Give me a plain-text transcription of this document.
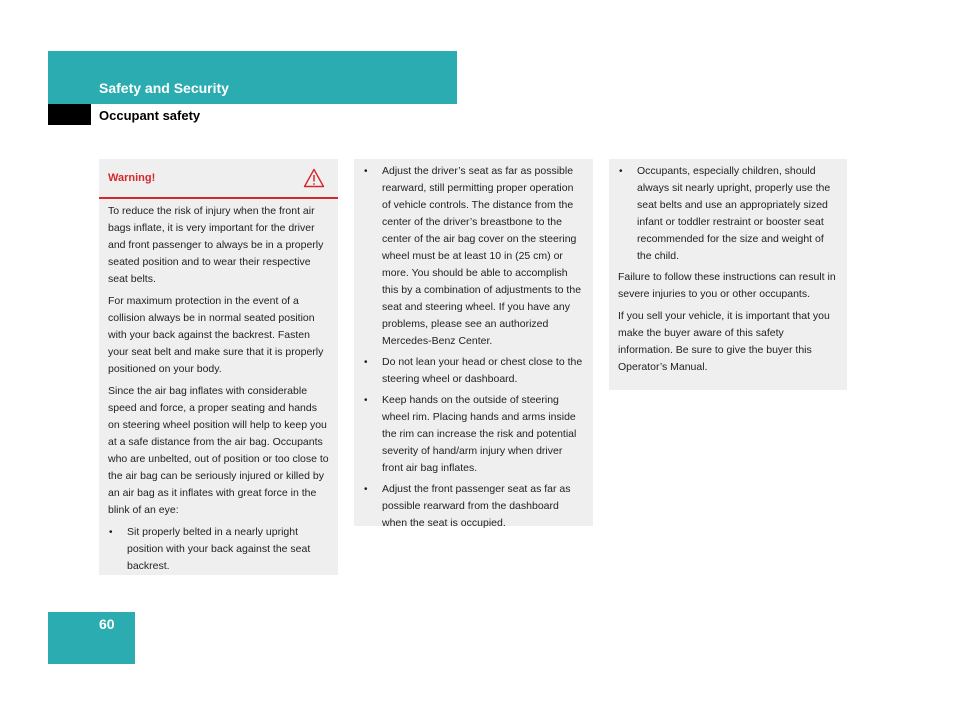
Safety and Security
Occupant safety
Warning!

To reduce the risk of injury when the front air bags inflate, it is very important for the driver and front passenger to always be in a properly seated position and to wear their respective seat belts.

For maximum protection in the event of a collision always be in normal seated position with your back against the backrest. Fasten your seat belt and make sure that it is properly positioned on your body.

Since the air bag inflates with considerable speed and force, a proper seating and hands on steering wheel position will help to keep you at a safe distance from the air bag. Occupants who are unbelted, out of position or too close to the air bag can be seriously injured or killed by an air bag as it inflates with great force in the blink of an eye:

• Sit properly belted in a nearly upright position with your back against the seat backrest.
• Adjust the driver’s seat as far as possible rearward, still permitting proper operation of vehicle controls. The distance from the center of the driver’s breastbone to the center of the air bag cover on the steering wheel must be at least 10 in (25 cm) or more. You should be able to accomplish this by a combination of adjustments to the seat and steering wheel. If you have any problems, please see an authorized Mercedes-Benz Center.
• Do not lean your head or chest close to the steering wheel or dashboard.
• Keep hands on the outside of steering wheel rim. Placing hands and arms inside the rim can increase the risk and potential severity of hand/arm injury when driver front air bag inflates.
• Adjust the front passenger seat as far as possible rearward from the dashboard when the seat is occupied.
• Occupants, especially children, should always sit nearly upright, properly use the seat belts and use an appropriately sized infant or toddler restraint or booster seat recommended for the size and weight of the child.

Failure to follow these instructions can result in severe injuries to you or other occupants.

If you sell your vehicle, it is important that you make the buyer aware of this safety information. Be sure to give the buyer this Operator’s Manual.

60
